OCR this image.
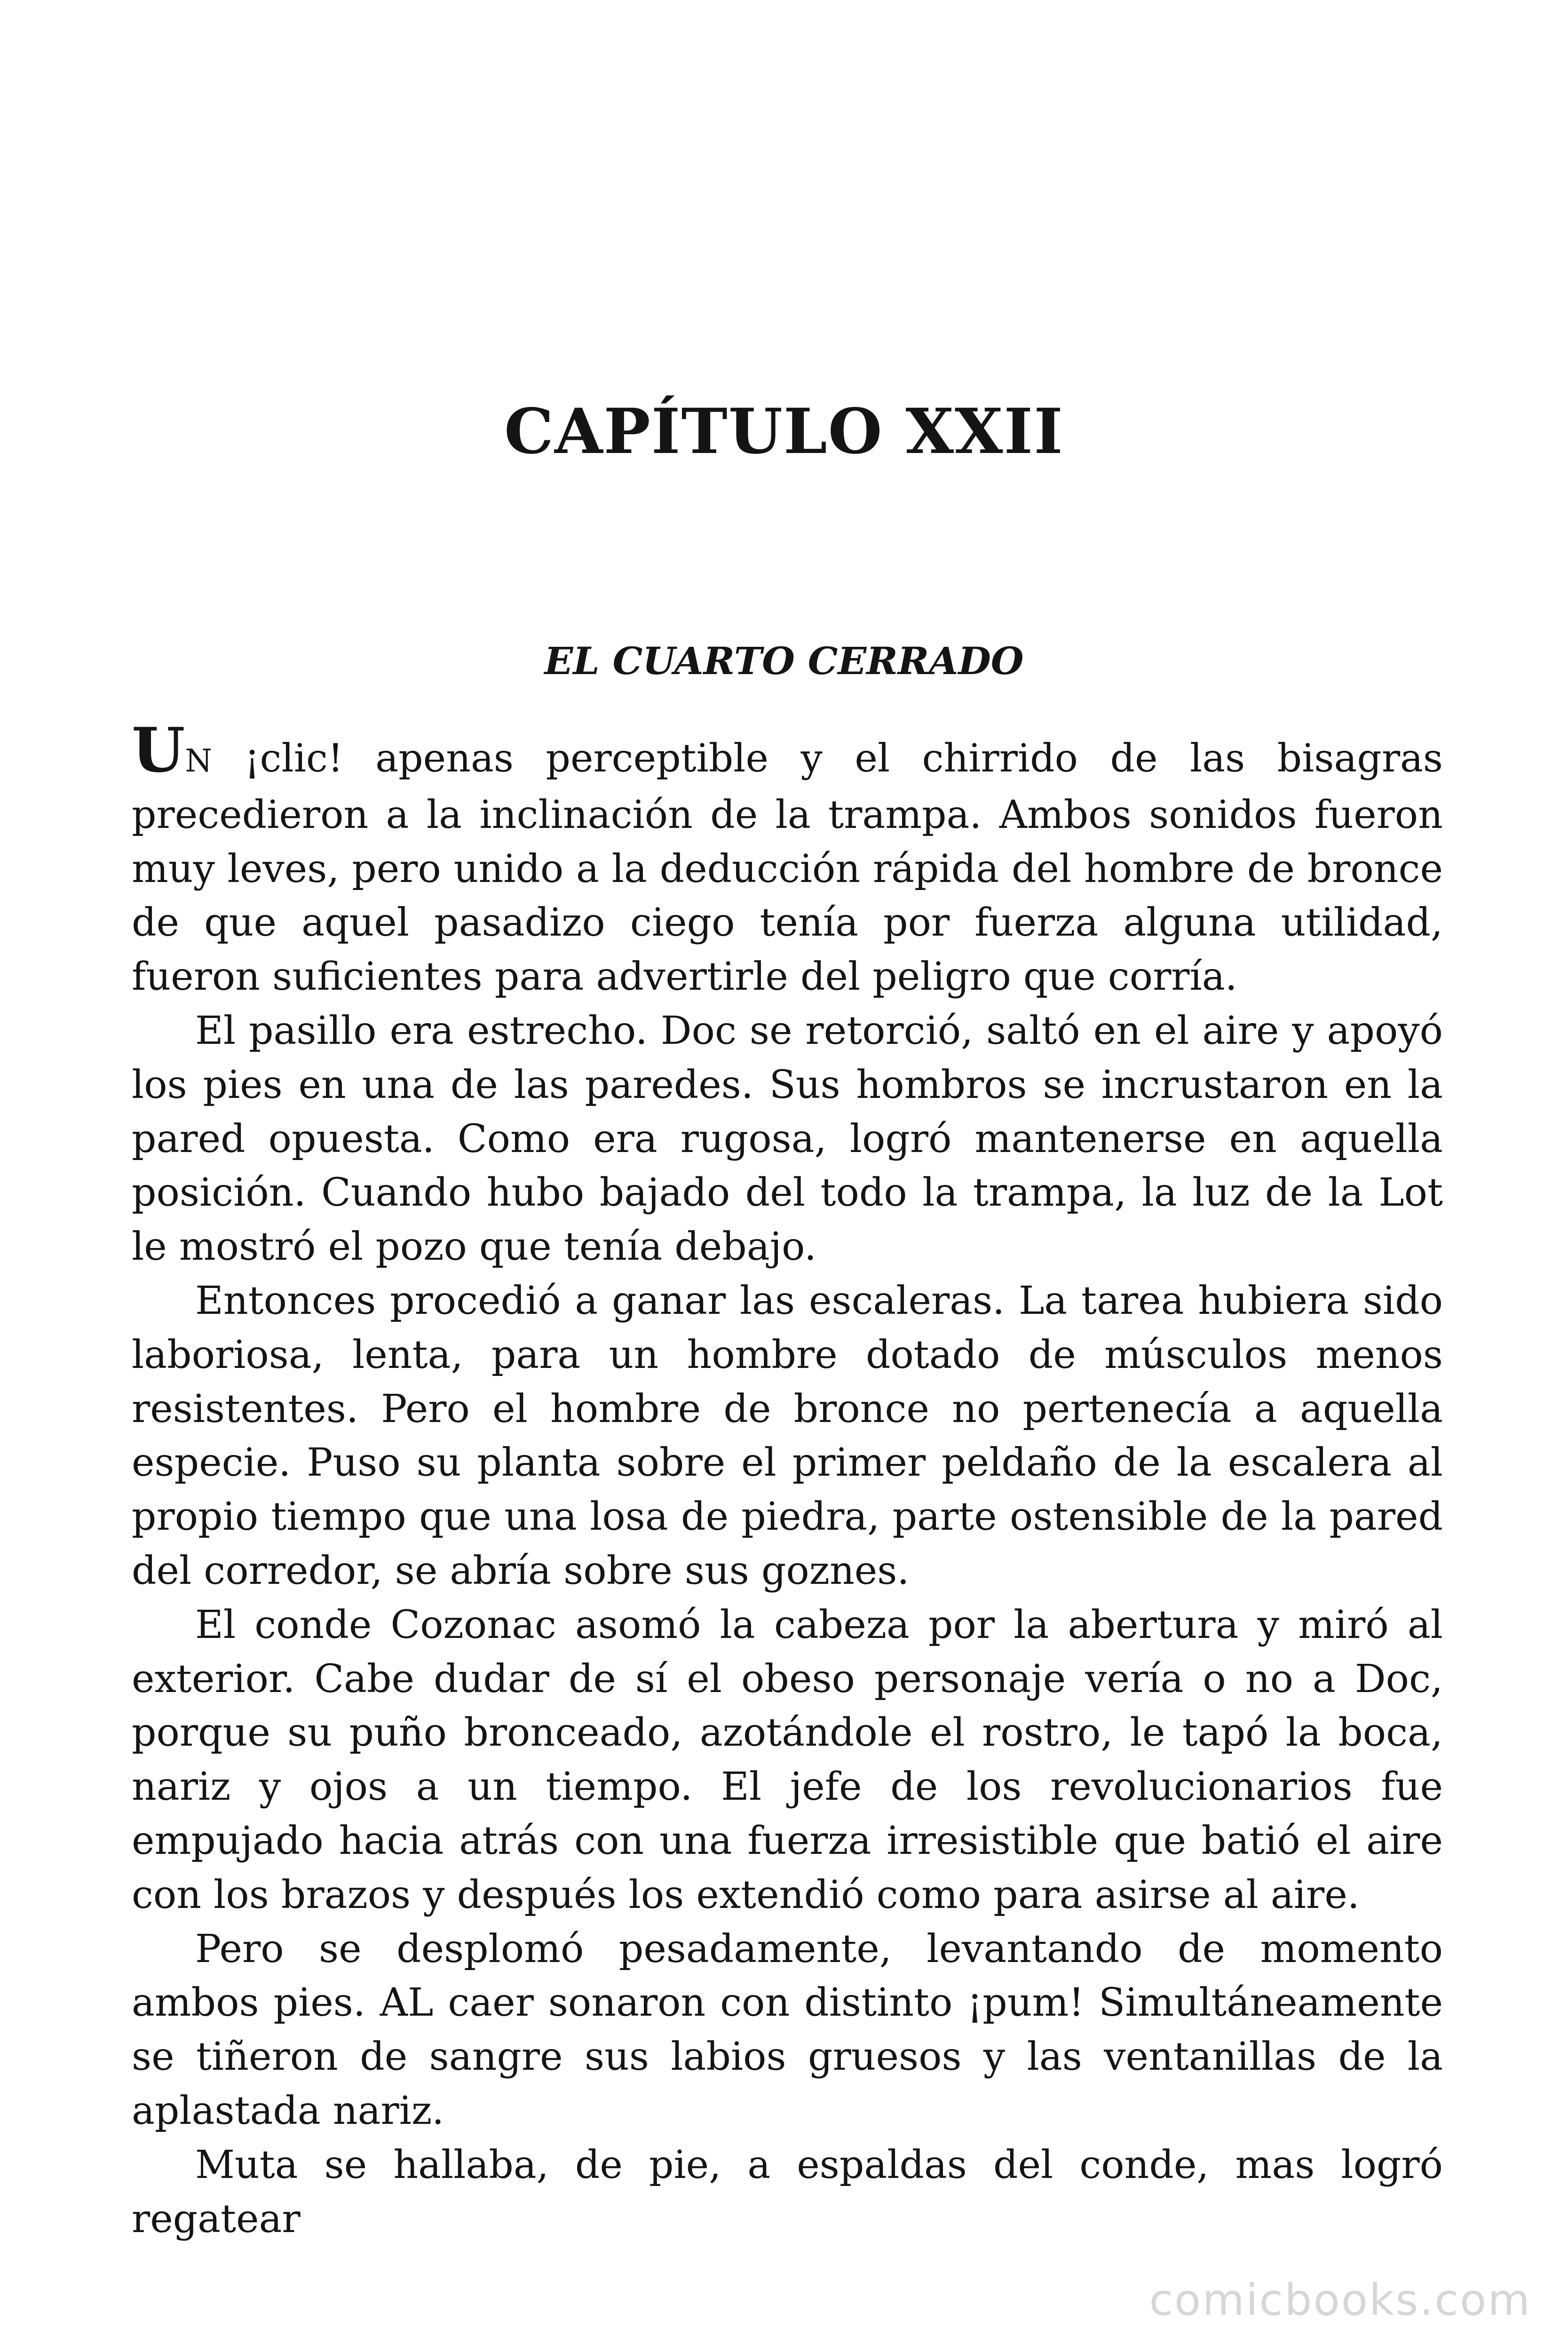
CAPÍTULO XXII
EL CUARTO CERRADO

UN ¡clic! apenas perceptible y el chirrido de las bisagras precedieron a la inclinación de la trampa. Ambos sonidos fueron muy leves, pero unido a la deducción rápida del hombre de bronce de que aquel pasadizo ciego tenía por fuerza alguna utilidad, fueron suficientes para advertirle del peligro que corría.

El pasillo era estrecho. Doc se retorció, saltó en el aire y apoyó los pies en una de las paredes. Sus hombros se incrustaron en la pared opuesta. Como era rugosa, logró mantenerse en aquella posición. Cuando hubo bajado del todo la trampa, la luz de la Lot le mostró el pozo que tenía debajo.

Entonces procedió a ganar las escaleras. La tarea hubiera sido laboriosa, lenta, para un hombre dotado de músculos menos resistentes. Pero el hombre de bronce no pertenecía a aquella especie. Puso su planta sobre el primer peldaño de la escalera al propio tiempo que una losa de piedra, parte ostensible de la pared del corredor, se abría sobre sus goznes.

El conde Cozonac asomó la cabeza por la abertura y miró al exterior. Cabe dudar de sí el obeso personaje vería o no a Doc, porque su puño bronceado, azotándole el rostro, le tapó la boca, nariz y ojos a un tiempo. El jefe de los revolucionarios fue empujado hacia atrás con una fuerza irresistible que batió el aire con los brazos y después los extendió como para asirse al aire.

Pero se desplomó pesadamente, levantando de momento ambos pies. AL caer sonaron con distinto ¡pum! Simultáneamente se tiñeron de sangre sus labios gruesos y las ventanillas de la aplastada nariz.

Muta se hallaba, de pie, a espaldas del conde, mas logró regatear

comicbooks.com
